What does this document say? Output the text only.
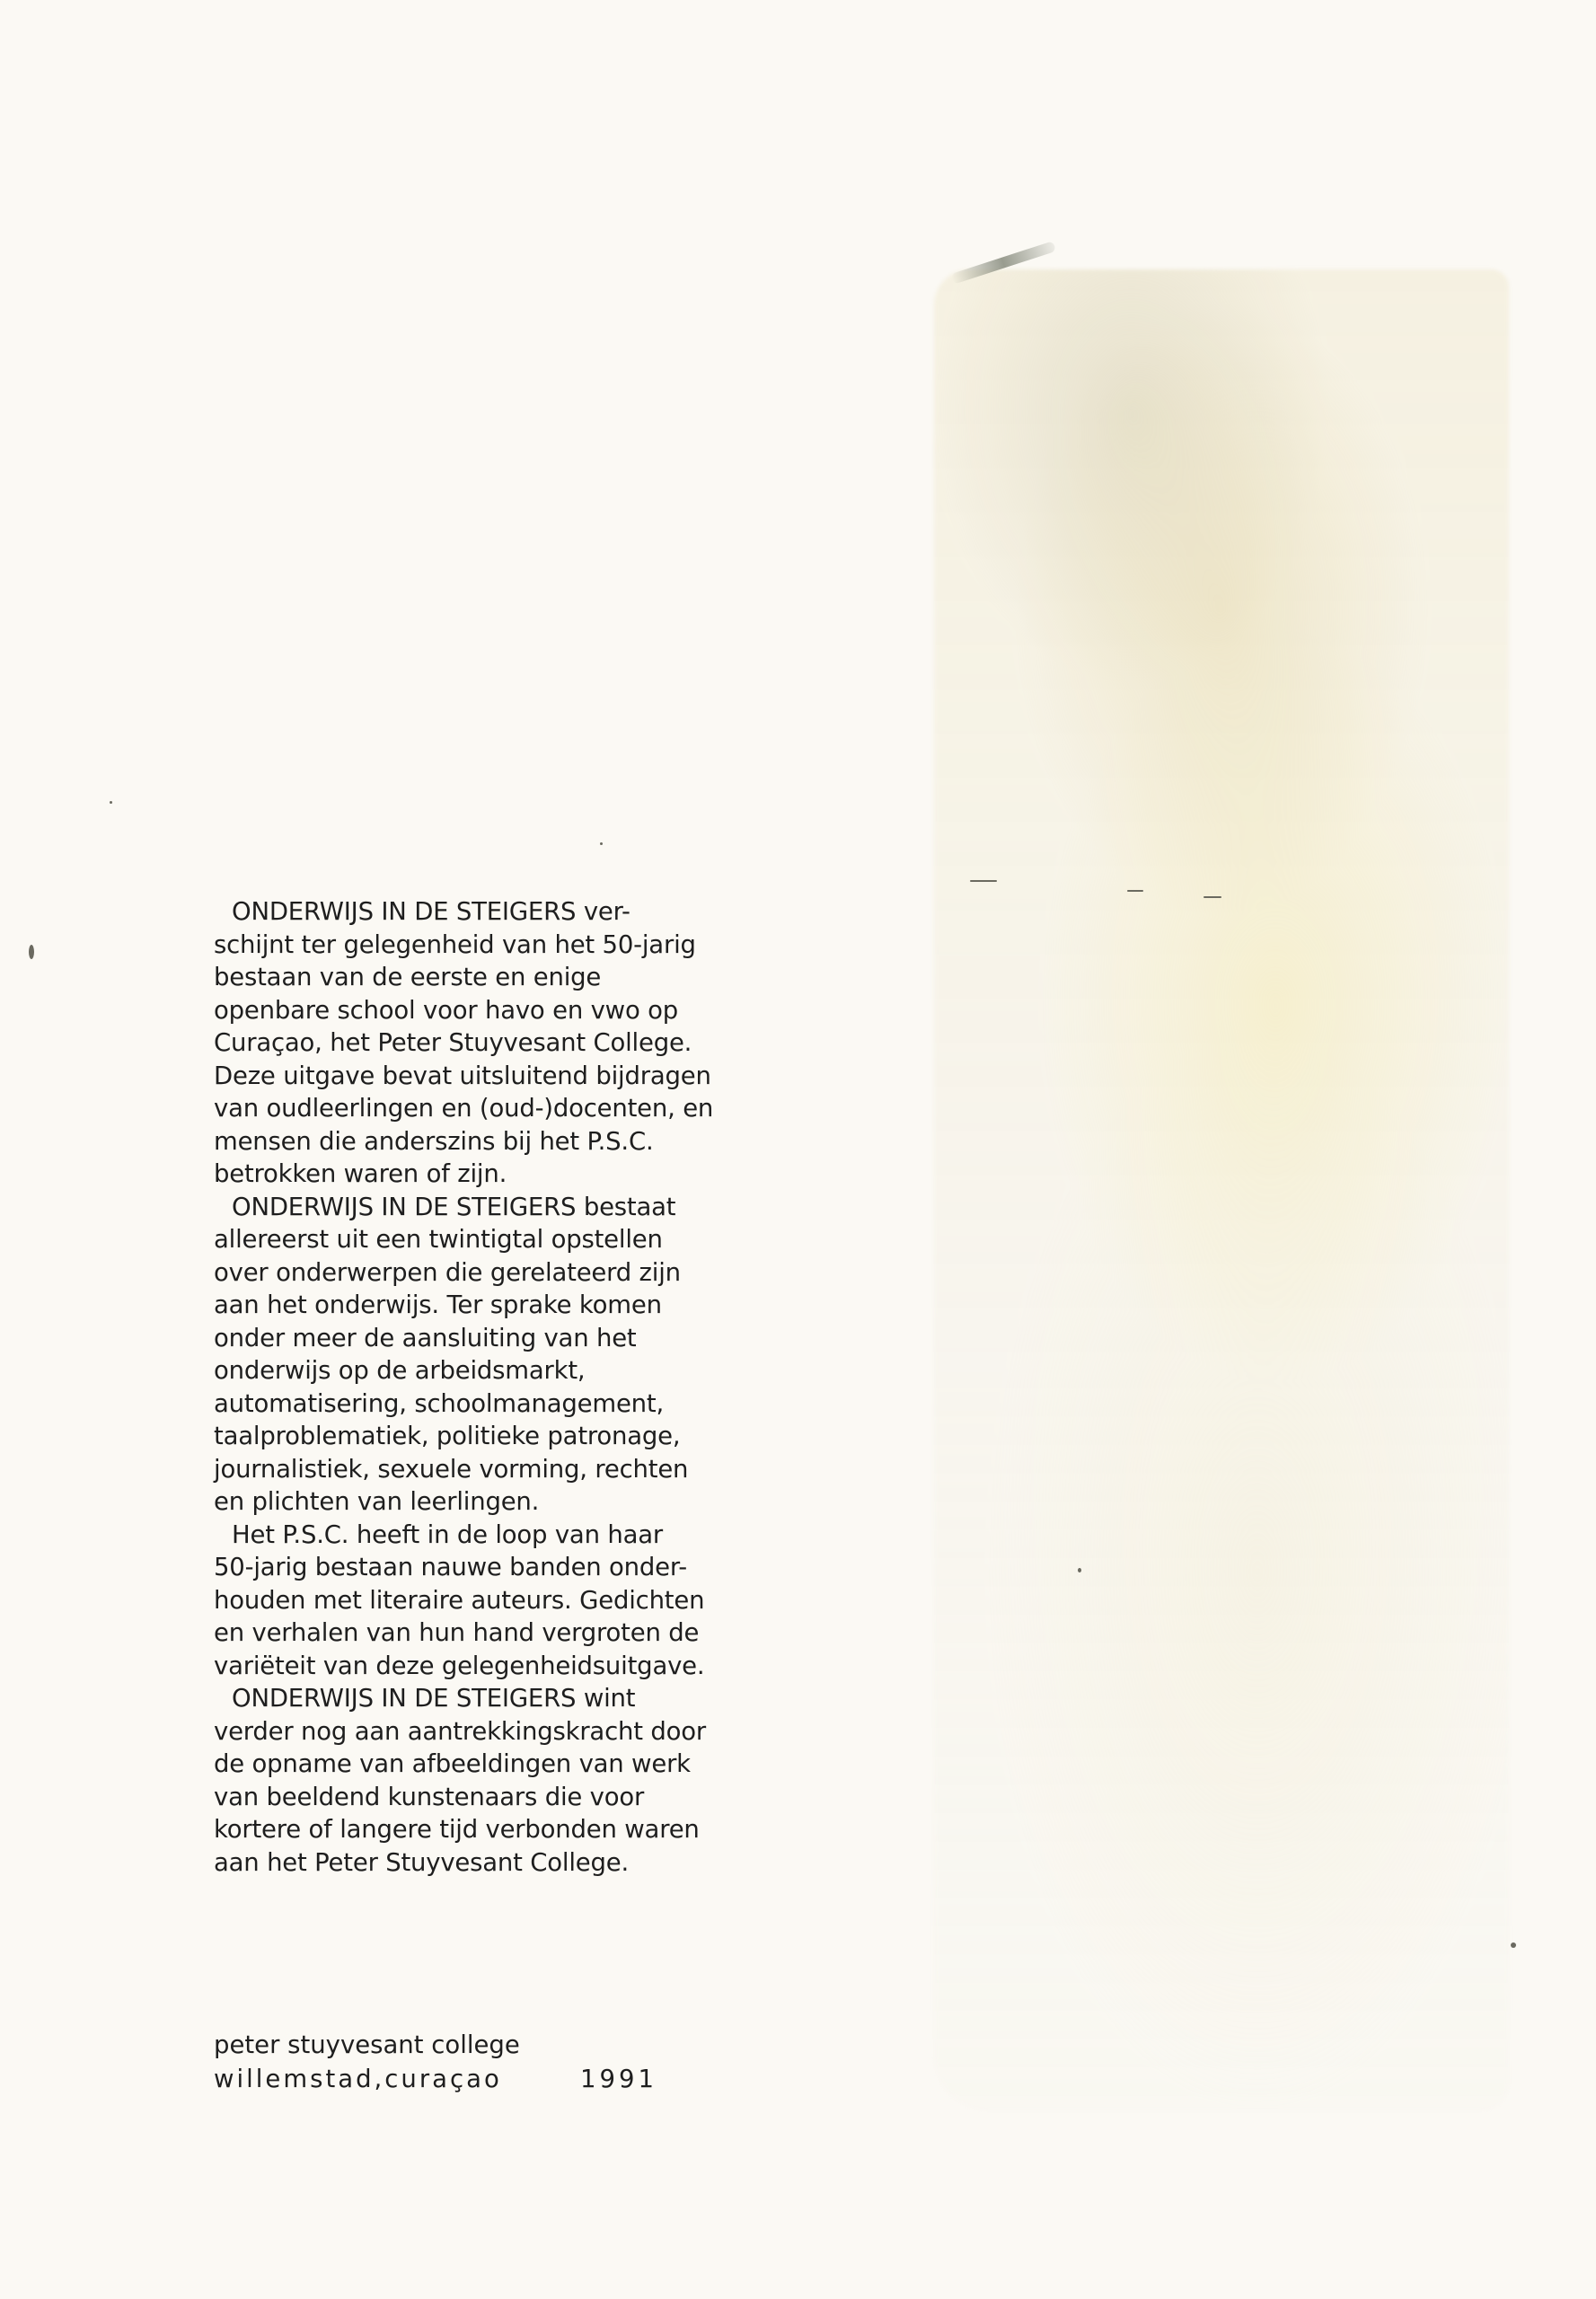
ONDERWIJS IN DE STEIGERS ver-
schijnt ter gelegenheid van het 50-jarig
bestaan van de eerste en enige
openbare school voor havo en vwo op
Curaçao, het Peter Stuyvesant College.
Deze uitgave bevat uitsluitend bijdragen
van oudleerlingen en (oud-)docenten, en
mensen die anderszins bij het P.S.C.
betrokken waren of zijn.
ONDERWIJS IN DE STEIGERS bestaat
allereerst uit een twintigtal opstellen
over onderwerpen die gerelateerd zijn
aan het onderwijs. Ter sprake komen
onder meer de aansluiting van het
onderwijs op de arbeidsmarkt,
automatisering, schoolmanagement,
taalproblematiek, politieke patronage,
journalistiek, sexuele vorming, rechten
en plichten van leerlingen.
Het P.S.C. heeft in de loop van haar
50-jarig bestaan nauwe banden onder-
houden met literaire auteurs. Gedichten
en verhalen van hun hand vergroten de
variëteit van deze gelegenheidsuitgave.
ONDERWIJS IN DE STEIGERS wint
verder nog aan aantrekkingskracht door
de opname van afbeeldingen van werk
van beeldend kunstenaars die voor
kortere of langere tijd verbonden waren
aan het Peter Stuyvesant College.
peter stuyvesant college
willemstad,curaçao	1991
